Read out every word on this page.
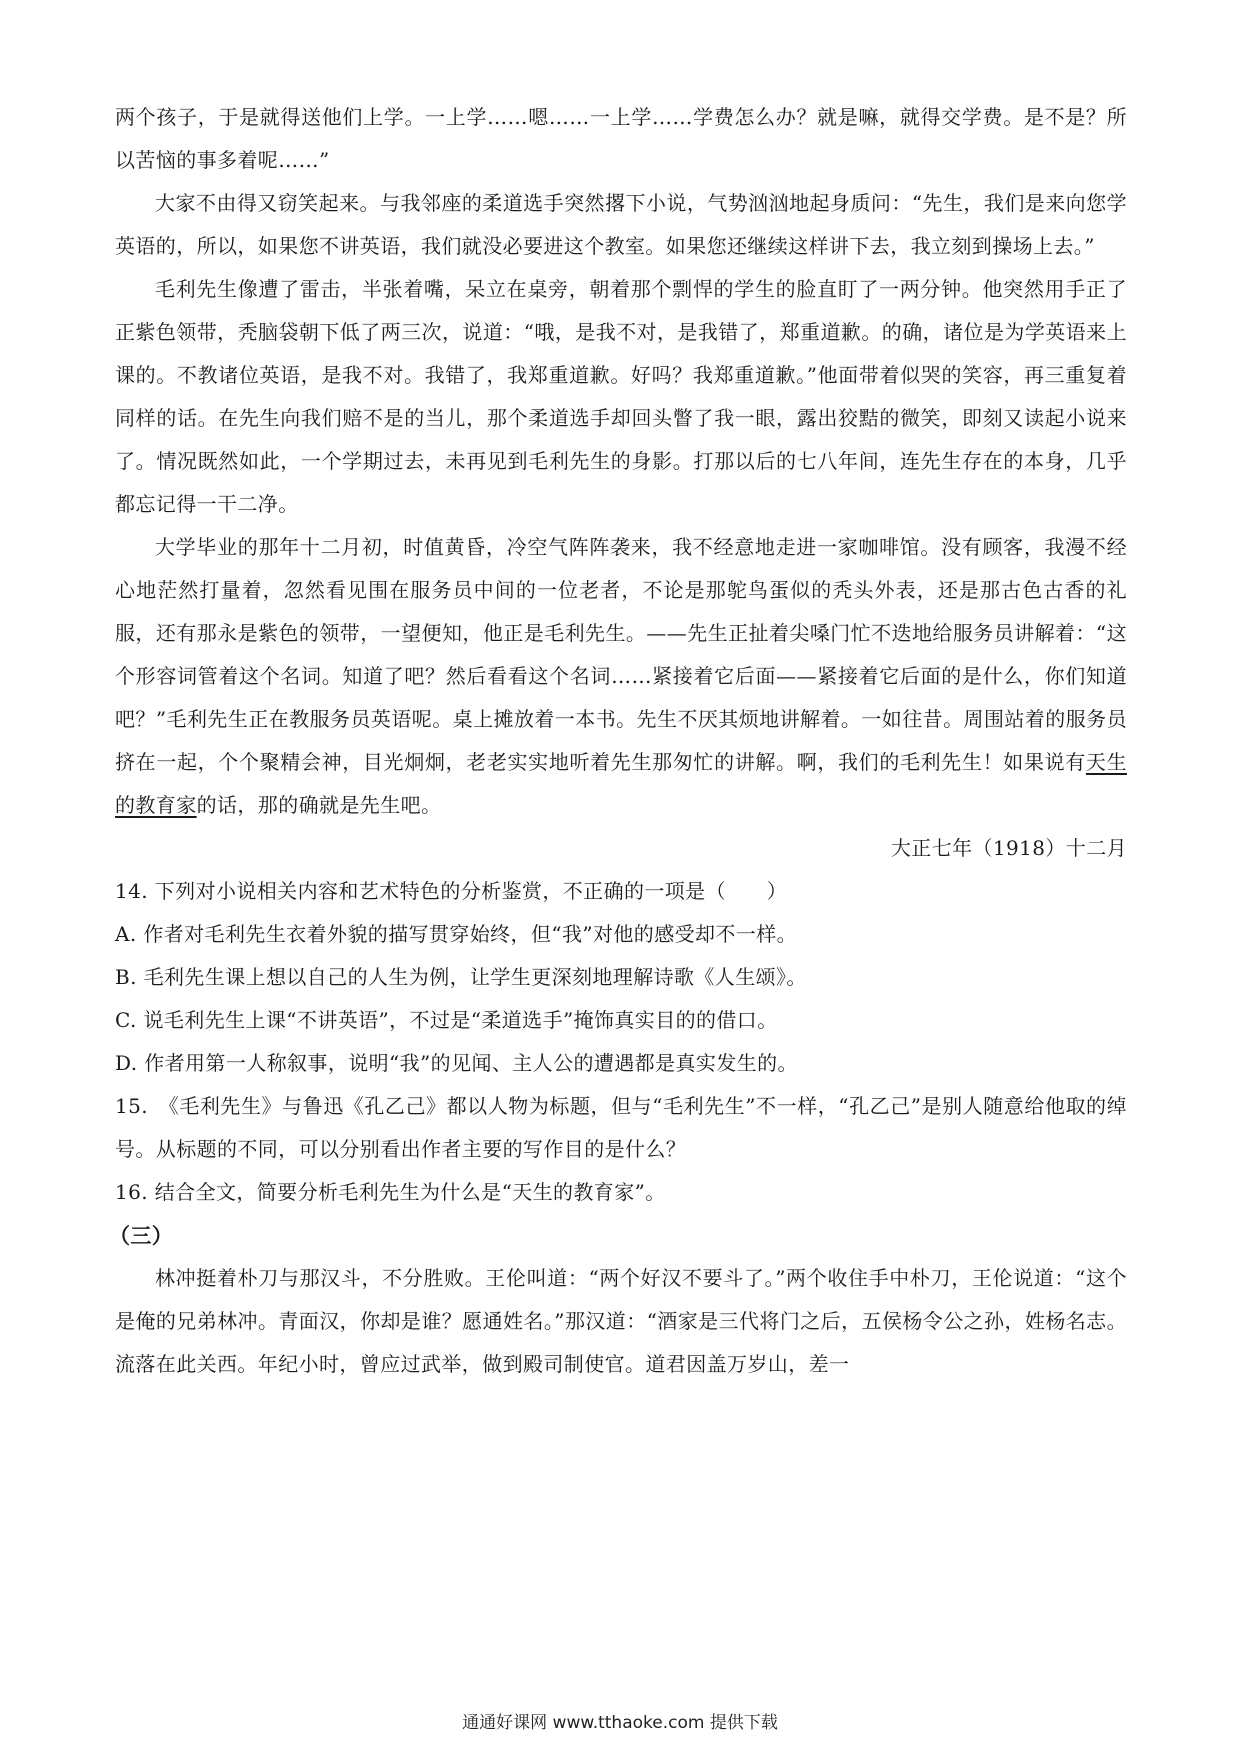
两个孩子，于是就得送他们上学。一上学……嗯……一上学……学费怎么办？就是嘛，就得交学费。是不是？所以苦恼的事多着呢……”

大家不由得又窃笑起来。与我邻座的柔道选手突然撂下小说，气势汹汹地起身质问：“先生，我们是来向您学英语的，所以，如果您不讲英语，我们就没必要进这个教室。如果您还继续这样讲下去，我立刻到操场上去。”

毛利先生像遭了雷击，半张着嘴，呆立在桌旁，朝着那个剽悍的学生的脸直盯了一两分钟。他突然用手正了正紫色领带，秃脑袋朝下低了两三次，说道：“哦，是我不对，是我错了，郑重道歉。的确，诸位是为学英语来上课的。不教诸位英语，是我不对。我错了，我郑重道歉。好吗？我郑重道歉。”他面带着似哭的笑容，再三重复着同样的话。在先生向我们赔不是的当儿，那个柔道选手却回头瞥了我一眼，露出狡黠的微笑，即刻又读起小说来了。情况既然如此，一个学期过去，未再见到毛利先生的身影。打那以后的七八年间，连先生存在的本身，几乎都忘记得一干二净。

大学毕业的那年十二月初，时值黄昏，冷空气阵阵袭来，我不经意地走进一家咖啡馆。没有顾客，我漫不经心地茫然打量着，忽然看见围在服务员中间的一位老者，不论是那鸵鸟蛋似的秃头外表，还是那古色古香的礼服，还有那永是紫色的领带，一望便知，他正是毛利先生。——先生正扯着尖嗓门忙不迭地给服务员讲解着：“这个形容词管着这个名词。知道了吧？然后看看这个名词……紧接着它后面——紧接着它后面的是什么，你们知道吧？”毛利先生正在教服务员英语呢。桌上摊放着一本书。先生不厌其烦地讲解着。一如往昔。周围站着的服务员挤在一起，个个聚精会神，目光炯炯，老老实实地听着先生那匆忙的讲解。啊，我们的毛利先生！如果说有天生的教育家的话，那的确就是先生吧。

大正七年（1918）十二月

14. 下列对小说相关内容和艺术特色的分析鉴赏，不正确的一项是（　　）

A. 作者对毛利先生衣着外貌的描写贯穿始终，但“我”对他的感受却不一样。

B. 毛利先生课上想以自己的人生为例，让学生更深刻地理解诗歌《人生颂》。

C. 说毛利先生上课“不讲英语”，不过是“柔道选手”掩饰真实目的的借口。

D. 作者用第一人称叙事，说明“我”的见闻、主人公的遭遇都是真实发生的。

15.　《毛利先生》与鲁迅《孔乙己》都以人物为标题，但与“毛利先生”不一样，“孔乙己”是别人随意给他取的绰号。从标题的不同，可以分别看出作者主要的写作目的是什么？

16. 结合全文，简要分析毛利先生为什么是“天生的教育家”。

（三）

林冲挺着朴刀与那汉斗，不分胜败。王伦叫道：“两个好汉不要斗了。”两个收住手中朴刀，王伦说道：“这个是俺的兄弟林冲。青面汉，你却是谁？愿通姓名。”那汉道：“酒家是三代将门之后，五侯杨令公之孙，姓杨名志。流落在此关西。年纪小时，曾应过武举，做到殿司制使官。道君因盖万岁山，差一

通通好课网 www.tthaoke.com 提供下载
